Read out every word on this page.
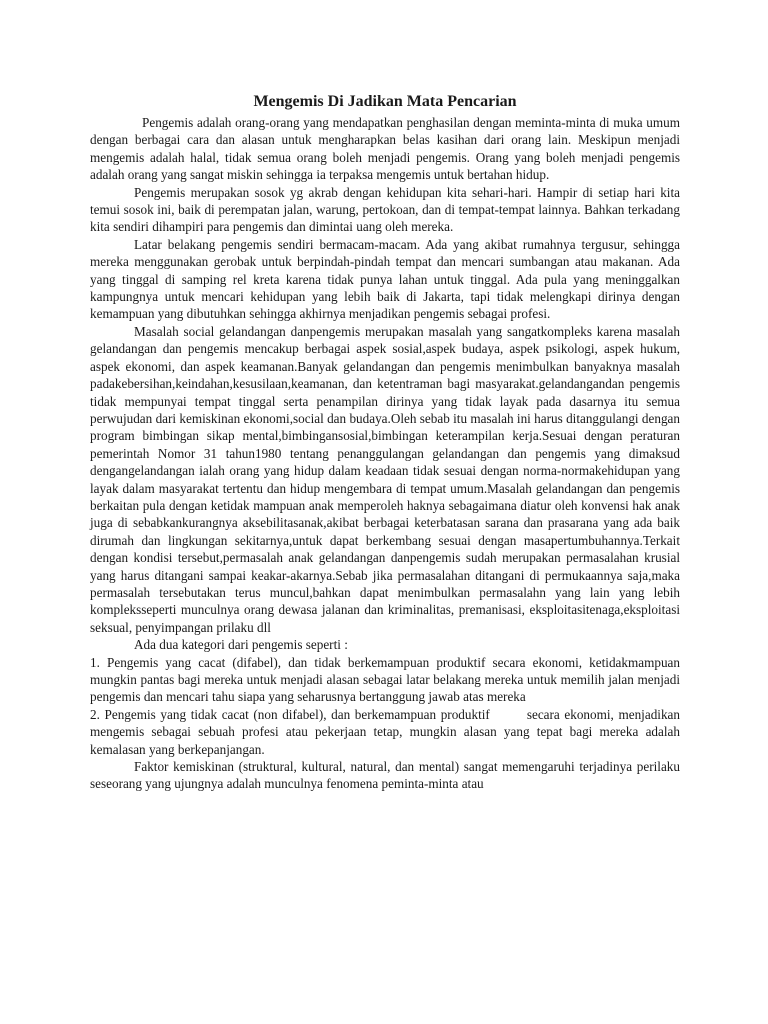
Mengemis Di Jadikan Mata Pencarian

Pengemis adalah orang-orang yang mendapatkan penghasilan dengan meminta-minta di muka umum dengan berbagai cara dan alasan untuk mengharapkan belas kasihan dari orang lain. Meskipun menjadi mengemis adalah halal, tidak semua orang boleh menjadi pengemis. Orang yang boleh menjadi pengemis adalah orang yang sangat miskin sehingga ia terpaksa mengemis untuk bertahan hidup.

Pengemis merupakan sosok yg akrab dengan kehidupan kita sehari-hari. Hampir di setiap hari kita temui sosok ini, baik di perempatan jalan, warung, pertokoan, dan di tempat-tempat lainnya. Bahkan terkadang kita sendiri dihampiri para pengemis dan dimintai uang oleh mereka.

Latar belakang pengemis sendiri bermacam-macam. Ada yang akibat rumahnya tergusur, sehingga mereka menggunakan gerobak untuk berpindah-pindah tempat dan mencari sumbangan atau makanan. Ada yang tinggal di samping rel kreta karena tidak punya lahan untuk tinggal. Ada pula yang meninggalkan kampungnya untuk mencari kehidupan yang lebih baik di Jakarta, tapi tidak melengkapi dirinya dengan kemampuan yang dibutuhkan sehingga akhirnya menjadikan pengemis sebagai profesi.

Masalah social gelandangan danpengemis merupakan masalah yang sangatkompleks karena masalah gelandangan dan pengemis mencakup berbagai aspek sosial,aspek budaya, aspek psikologi, aspek hukum, aspek ekonomi, dan aspek keamanan.Banyak gelandangan dan pengemis menimbulkan banyaknya masalah padakebersihan,keindahan,kesusilaan,keamanan, dan ketentraman bagi masyarakat.gelandangandan pengemis tidak mempunyai tempat tinggal serta penampilan dirinya yang tidak layak pada dasarnya itu semua perwujudan dari kemiskinan ekonomi,social dan budaya.Oleh sebab itu masalah ini harus ditanggulangi dengan program bimbingan sikap mental,bimbingansosial,bimbingan keterampilan kerja.Sesuai dengan peraturan pemerintah Nomor 31 tahun1980 tentang penanggulangan gelandangan dan pengemis yang dimaksud dengangelandangan ialah orang yang hidup dalam keadaan tidak sesuai dengan norma-normakehidupan yang layak dalam masyarakat tertentu dan hidup mengembara di tempat umum.Masalah gelandangan dan pengemis berkaitan pula dengan ketidak mampuan anak memperoleh haknya sebagaimana diatur oleh konvensi hak anak juga di sebabkankurangnya aksebilitasanak,akibat berbagai keterbatasan sarana dan prasarana yang ada baik dirumah dan lingkungan sekitarnya,untuk dapat berkembang sesuai dengan masapertumbuhannya.Terkait dengan kondisi tersebut,permasalah anak gelandangan danpengemis sudah merupakan permasalahan krusial yang harus ditangani sampai keakar-akarnya.Sebab jika permasalahan ditangani di permukaannya saja,maka permasalah tersebutakan terus muncul,bahkan dapat menimbulkan permasalahn yang lain yang lebih kompleksseperti munculnya orang dewasa jalanan dan kriminalitas, premanisasi, eksploitasitenaga,eksploitasi seksual, penyimpangan prilaku dll

Ada dua kategori dari pengemis seperti :

1. Pengemis yang cacat (difabel), dan tidak berkemampuan produktif secara ekonomi, ketidakmampuan mungkin pantas bagi mereka untuk menjadi alasan sebagai latar belakang mereka untuk memilih jalan menjadi pengemis dan mencari tahu siapa yang seharusnya bertanggung jawab atas mereka

2. Pengemis yang tidak cacat (non difabel), dan berkemampuan produktif        secara ekonomi, menjadikan mengemis sebagai sebuah profesi atau pekerjaan tetap, mungkin alasan yang tepat bagi mereka adalah kemalasan yang berkepanjangan.

Faktor kemiskinan (struktural, kultural, natural, dan mental) sangat memengaruhi terjadinya perilaku seseorang yang ujungnya adalah munculnya fenomena peminta-minta atau
